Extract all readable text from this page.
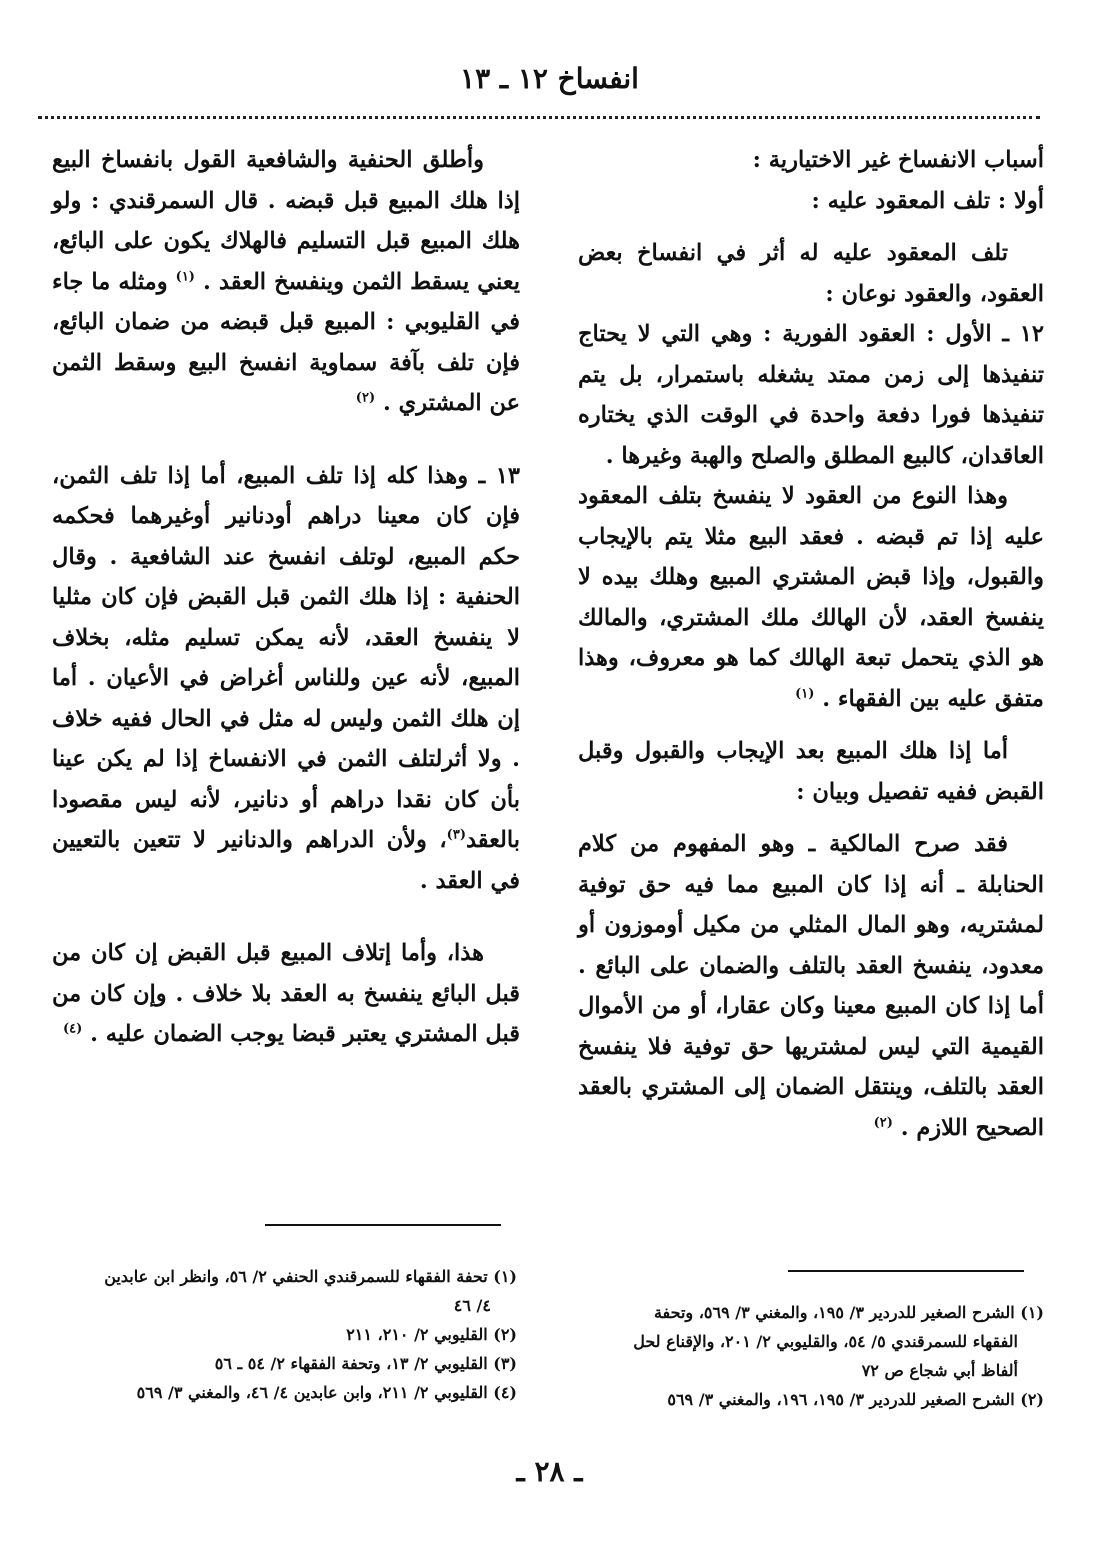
انفساخ ١٢ ـ ١٣

أسباب الانفساخ غير الاختيارية :

أولا : تلف المعقود عليه :

تلف المعقود عليه له أثر في انفساخ بعض العقود، والعقود نوعان :

١٢ ـ الأول : العقود الفورية : وهي التي لا يحتاج تنفيذها إلى زمن ممتد يشغله باستمرار، بل يتم تنفيذها فورا دفعة واحدة في الوقت الذي يختاره العاقدان، كالبيع المطلق والصلح والهبة وغيرها .

وهذا النوع من العقود لا ينفسخ بتلف المعقود عليه إذا تم قبضه . فعقد البيع مثلا يتم بالإيجاب والقبول، وإذا قبض المشتري المبيع وهلك بيده لا ينفسخ العقد، لأن الهالك ملك المشتري، والمالك هو الذي يتحمل تبعة الهالك كما هو معروف، وهذا متفق عليه بين الفقهاء . $^{(١)}$

أما إذا هلك المبيع بعد الإيجاب والقبول وقبل القبض ففيه تفصيل وبيان :

فقد صرح المالكية ـ وهو المفهوم من كلام الحنابلة ـ أنه إذا كان المبيع مما فيه حق توفية لمشتريه، وهو المال المثلي من مكيل أوموزون أو معدود، ينفسخ العقد بالتلف والضمان على البائع . أما إذا كان المبيع معينا وكان عقارا، أو من الأموال القيمية التي ليس لمشتريها حق توفية فلا ينفسخ العقد بالتلف، وينتقل الضمان إلى المشتري بالعقد الصحيح اللازم . $^{(٢)}$

وأطلق الحنفية والشافعية القول بانفساخ البيع إذا هلك المبيع قبل قبضه . قال السمرقندي : ولو هلك المبيع قبل التسليم فالهلاك يكون على البائع، يعني يسقط الثمن وينفسخ العقد . $^{(١)}$ ومثله ما جاء في القليوبي : المبيع قبل قبضه من ضمان البائع، فإن تلف بآفة سماوية انفسخ البيع وسقط الثمن عن المشتري . $^{(٢)}$

١٣ ـ وهذا كله إذا تلف المبيع، أما إذا تلف الثمن، فإن كان معينا دراهم أودنانير أوغيرهما فحكمه حكم المبيع، لوتلف انفسخ عند الشافعية . وقال الحنفية : إذا هلك الثمن قبل القبض فإن كان مثليا لا ينفسخ العقد، لأنه يمكن تسليم مثله، بخلاف المبيع، لأنه عين وللناس أغراض في الأعيان . أما إن هلك الثمن وليس له مثل في الحال ففيه خلاف . ولا أثرلتلف الثمن في الانفساخ إذا لم يكن عينا بأن كان نقدا دراهم أو دنانير، لأنه ليس مقصودا بالعقد$^{(٣)}$، ولأن الدراهم والدنانير لا تتعين بالتعيين في العقد .

هذا، وأما إتلاف المبيع قبل القبض إن كان من قبل البائع ينفسخ به العقد بلا خلاف . وإن كان من قبل المشتري يعتبر قبضا يوجب الضمان عليه . $^{(٤)}$

(١) الشرح الصغير للدردير ٣/ ١٩٥، والمغني ٣/ ٥٦٩، وتحفة

الفقهاء للسمرقندي ٥/ ٥٤، والقليوبي ٢/ ٢٠١، والإقناع لحل

ألفاظ أبي شجاع ص ٧٢

(٢) الشرح الصغير للدردير ٣/ ١٩٥، ١٩٦، والمغني ٣/ ٥٦٩

(١) تحفة الفقهاء للسمرقندي الحنفي ٢/ ٥٦، وانظر ابن عابدين

٤/ ٤٦

(٢) القليوبي ٢/ ٢١٠، ٢١١

(٣) القليوبي ٢/ ١٣، وتحفة الفقهاء ٢/ ٥٤ ـ ٥٦

(٤) القليوبي ٢/ ٢١١، وابن عابدين ٤/ ٤٦، والمغني ٣/ ٥٦٩

ـ ٢٨ ـ
